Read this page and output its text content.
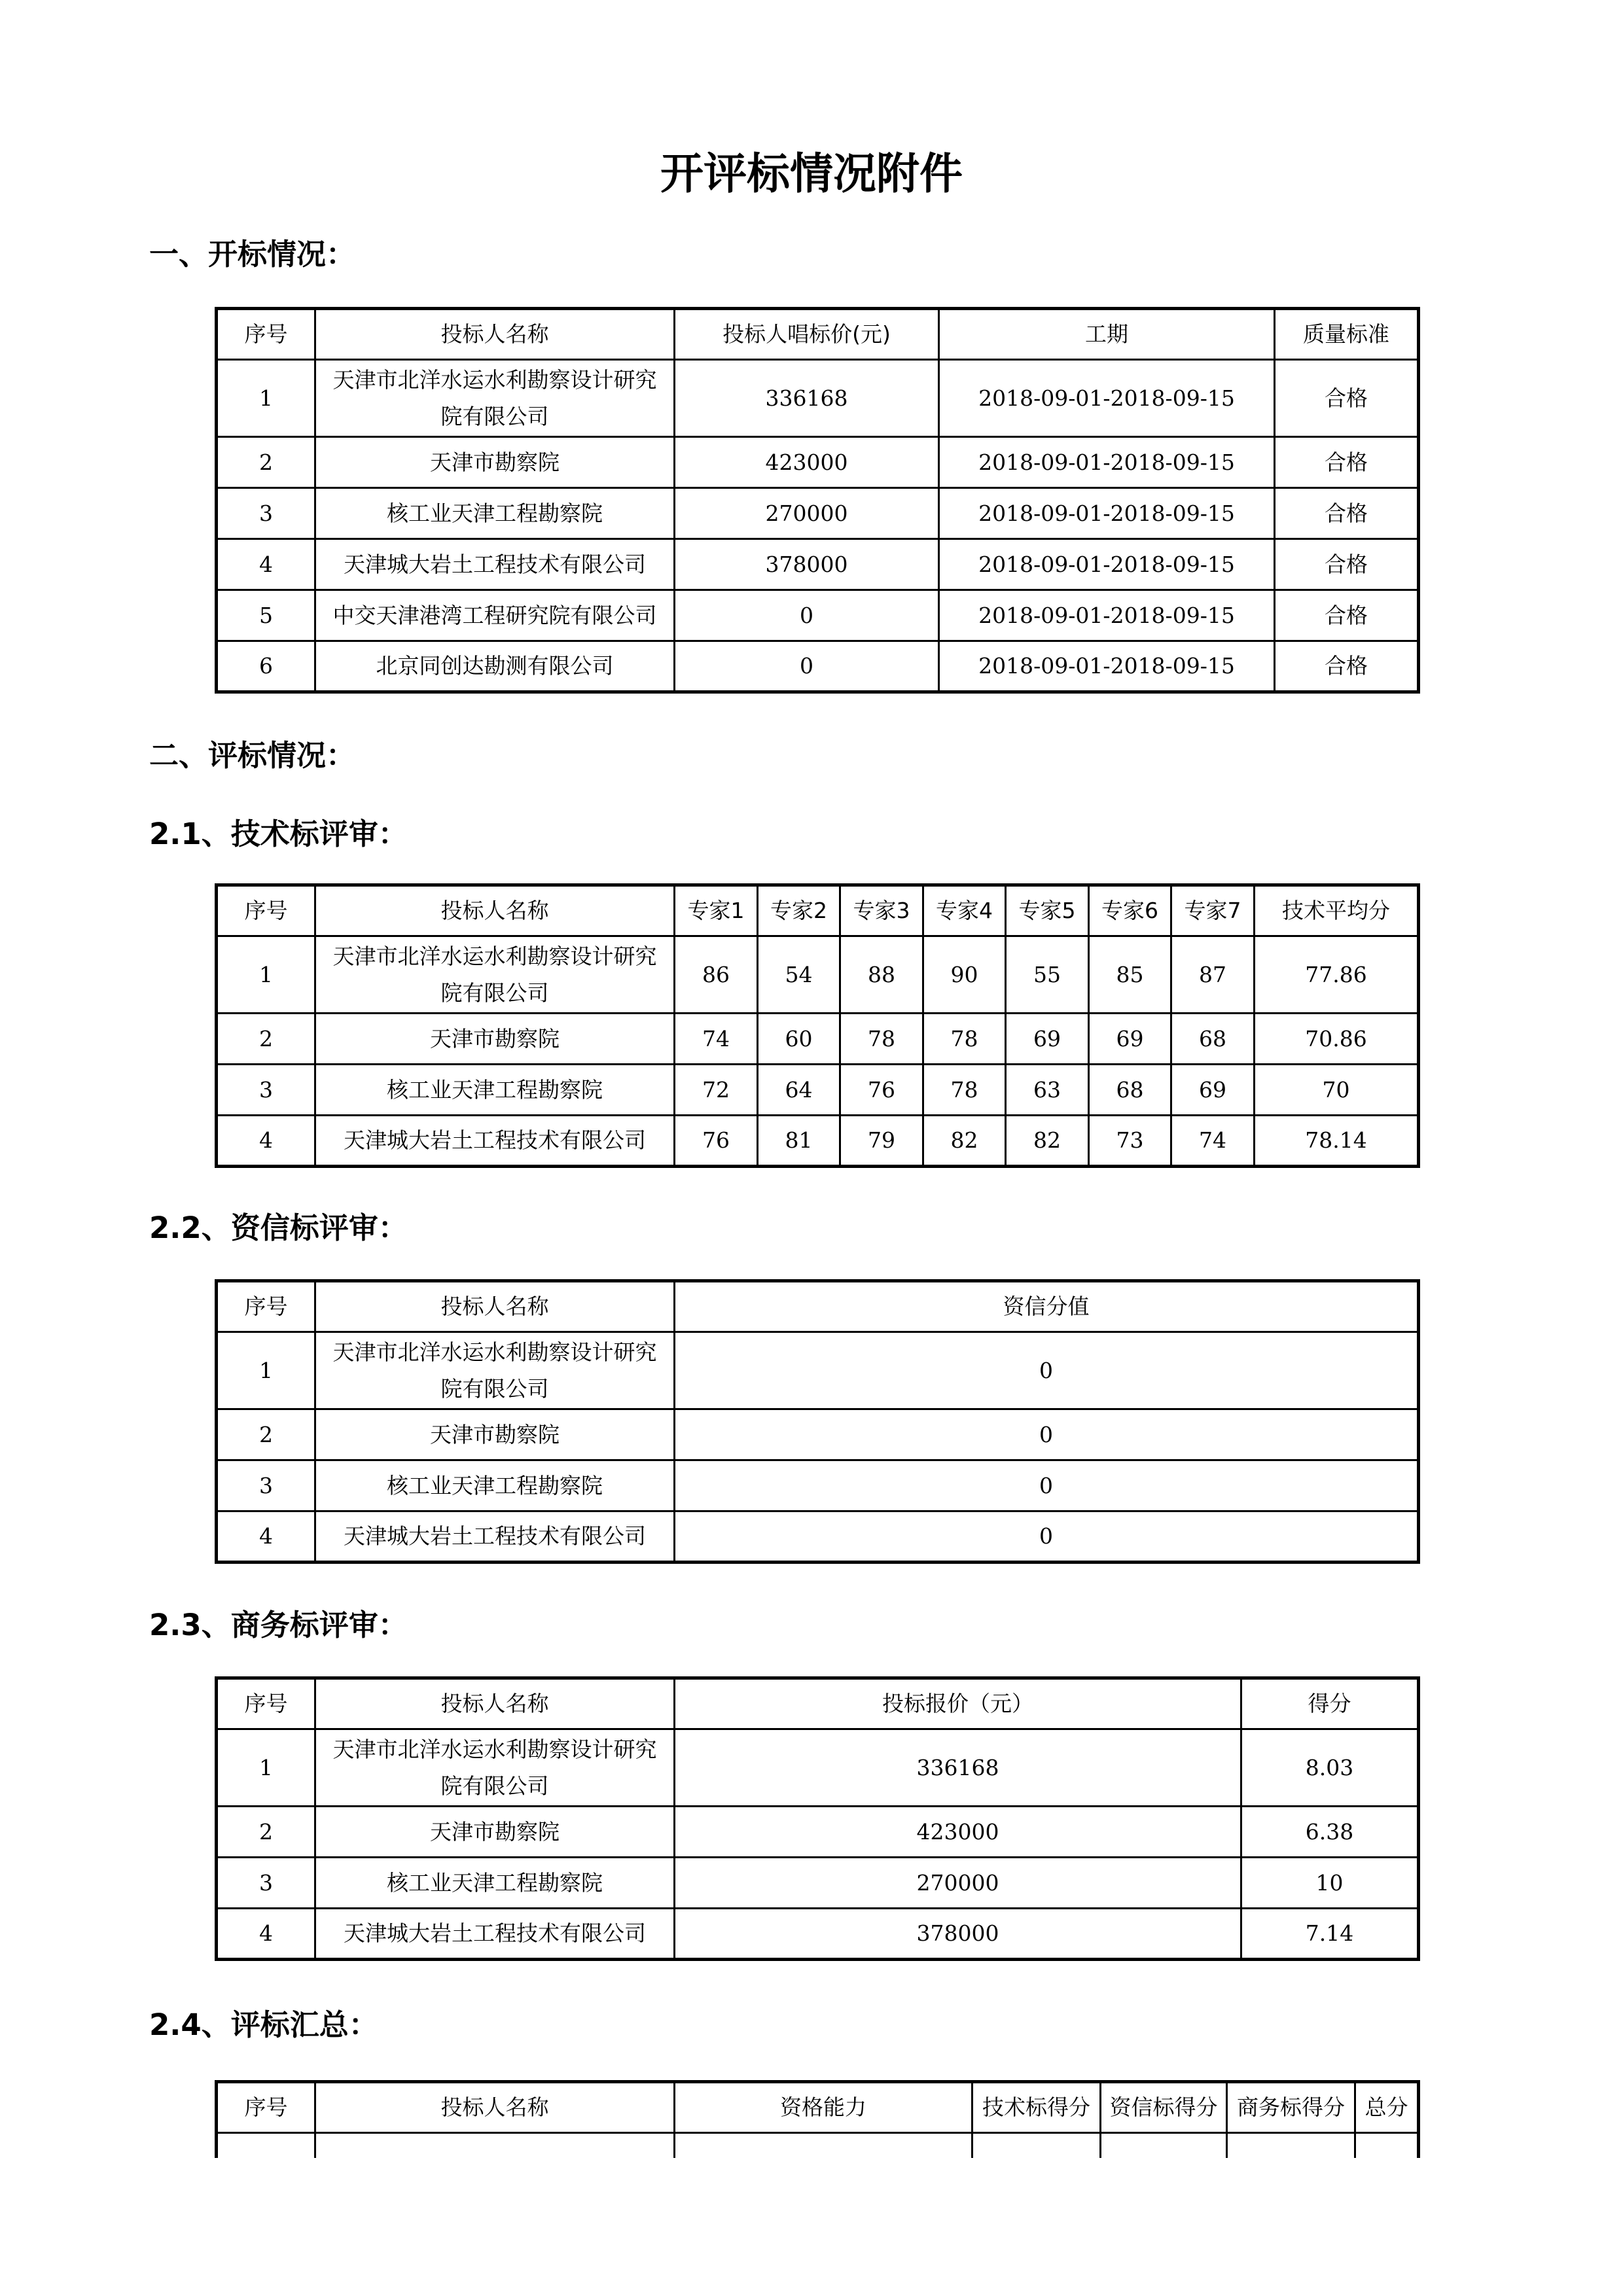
开评标情况附件
一、开标情况：
序号	投标人名称	投标人唱标价(元)	工期	质量标准
1	天津市北洋水运水利勘察设计研究
院有限公司	336168	2018-09-01-2018-09-15	合格
2	天津市勘察院	423000	2018-09-01-2018-09-15	合格
3	核工业天津工程勘察院	270000	2018-09-01-2018-09-15	合格
4	天津城大岩土工程技术有限公司	378000	2018-09-01-2018-09-15	合格
5	中交天津港湾工程研究院有限公司	0	2018-09-01-2018-09-15	合格
6	北京同创达勘测有限公司	0	2018-09-01-2018-09-15	合格
二、评标情况：
2.1、技术标评审：
序号	投标人名称	专家1	专家2	专家3	专家4	专家5	专家6	专家7	技术平均分
1	天津市北洋水运水利勘察设计研究
院有限公司	86	54	88	90	55	85	87	77.86
2	天津市勘察院	74	60	78	78	69	69	68	70.86
3	核工业天津工程勘察院	72	64	76	78	63	68	69	70
4	天津城大岩土工程技术有限公司	76	81	79	82	82	73	74	78.14
2.2、资信标评审：
序号	投标人名称	资信分值
1	天津市北洋水运水利勘察设计研究
院有限公司	0
2	天津市勘察院	0
3	核工业天津工程勘察院	0
4	天津城大岩土工程技术有限公司	0
2.3、商务标评审：
序号	投标人名称	投标报价（元）	得分
1	天津市北洋水运水利勘察设计研究
院有限公司	336168	8.03
2	天津市勘察院	423000	6.38
3	核工业天津工程勘察院	270000	10
4	天津城大岩土工程技术有限公司	378000	7.14
2.4、评标汇总：
序号	投标人名称	资格能力	技术标得分	资信标得分	商务标得分	总分
